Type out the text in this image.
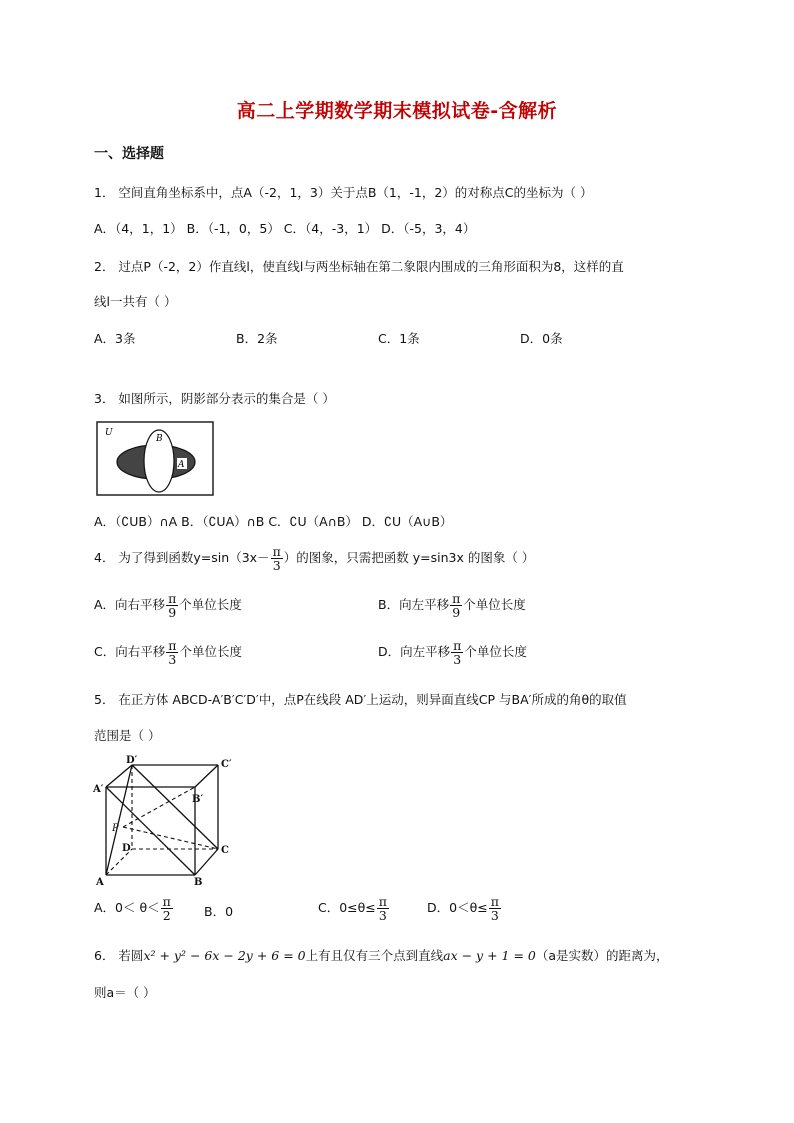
高二上学期数学期末模拟试卷-含解析
一、选择题
1． 空间直角坐标系中，点A（-2，1，3）关于点B（1，-1，2）的对称点C的坐标为（ ）
A．（4，1，1） B．（-1，0，5） C．（4，-3，1） D．（-5，3，4）
2． 过点P（-2，2）作直线l，使直线l与两坐标轴在第二象限内围成的三角形面积为8，这样的直
线l一共有（ ）
A．3条	B．2条	C．1条	D．0条
3． 如图所示，阴影部分表示的集合是（ ）
U
B
A
A．（∁UB）∩A B．（∁UA）∩B C．∁U（A∩B） D．∁U（A∪B）
4． 为了得到函数$y=\sin(3x- \frac{\pi}{3}$ ）的图象，只需把函数 y=sin3x 的图象（ ）
A．向右平移 $\frac{\pi}{9}$ 个单位长度	B．向左平移 $\frac{\pi}{9}$ 个单位长度
C．向右平移 $\frac{\pi}{3}$ 个单位长度	D．向左平移 $\frac{\pi}{3}$ 个单位长度
5． 在正方体 ABCD-A′B′C′D′中，点P在线段 AD′上运动，则异面直线CP 与BA′所成的角θ的取值
范围是（ ）
D′	C′
A′
B′
C
D
A	B
P
A．$0< \theta< \frac{\pi}{2}$ B．0	C．$0\le\theta\le \frac{\pi}{3}$	D．$0<\theta\le \frac{\pi}{3}$
6． 若圆x² + y² − 6x − 2y + 6 = 0上有且仅有三个点到直线ax − y + 1 = 0（a是实数）的距离为，
则a＝（ ）
